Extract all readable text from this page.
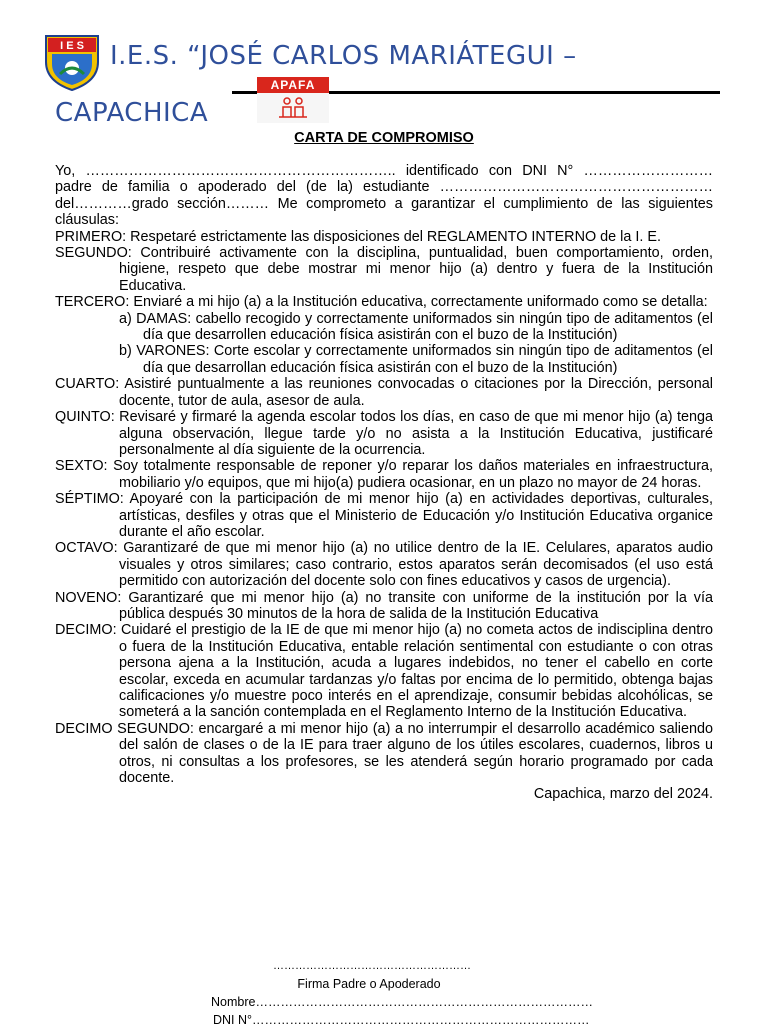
I E S I.E.S. “JOSÉ CARLOS MARIÁTEGUI –
CAPACHICA
APAFA
CARTA DE COMPROMISO

Yo, ……………………………………………………….. identificado con DNI N° ………………………

padre de familia o apoderado del (de la) estudiante …………………………………………………

del…………grado sección……… Me comprometo a garantizar el cumplimiento de las siguientes cláusulas:

PRIMERO: Respetaré estrictamente las disposiciones del REGLAMENTO INTERNO de la I. E.

SEGUNDO: Contribuiré activamente con la disciplina, puntualidad, buen comportamiento, orden, higiene, respeto que debe mostrar mi menor hijo (a) dentro y fuera de la Institución Educativa.

TERCERO: Enviaré a mi hijo (a) a la Institución educativa, correctamente uniformado como se detalla:

a) DAMAS: cabello recogido y correctamente uniformados sin ningún tipo de aditamentos (el día que desarrollen educación física asistirán con el buzo de la Institución)

b) VARONES: Corte escolar y correctamente uniformados sin ningún tipo de aditamentos (el día que desarrollan educación física asistirán con el buzo de la Institución)

CUARTO: Asistiré puntualmente a las reuniones convocadas o citaciones por la Dirección, personal docente, tutor de aula, asesor de aula.

QUINTO: Revisaré y firmaré la agenda escolar todos los días, en caso de que mi menor hijo (a) tenga alguna observación, llegue tarde y/o no asista a la Institución Educativa, justificaré personalmente al día siguiente de la ocurrencia.

SEXTO: Soy totalmente responsable de reponer y/o reparar los daños materiales en infraestructura, mobiliario y/o equipos, que mi hijo(a) pudiera ocasionar, en un plazo no mayor de 24 horas.

SÉPTIMO: Apoyaré con la participación de mi menor hijo (a) en actividades deportivas, culturales, artísticas, desfiles y otras que el Ministerio de Educación y/o Institución Educativa organice durante el año escolar.

OCTAVO: Garantizaré de que mi menor hijo (a) no utilice dentro de la IE. Celulares, aparatos audio visuales y otros similares; caso contrario, estos aparatos serán decomisados (el uso está permitido con autorización del docente solo con fines educativos y casos de urgencia).

NOVENO: Garantizaré que mi menor hijo (a) no transite con uniforme de la institución por la vía pública después 30 minutos de la hora de salida de la Institución Educativa

DECIMO: Cuidaré el prestigio de la IE de que mi menor hijo (a) no cometa actos de indisciplina dentro o fuera de la Institución Educativa, entable relación sentimental con estudiante o con otras persona ajena a la Institución, acuda a lugares indebidos, no tener el cabello en corte escolar, exceda en acumular tardanzas y/o faltas por encima de lo permitido, obtenga bajas calificaciones y/o muestre poco interés en el aprendizaje, consumir bebidas alcohólicas, se someterá a la sanción contemplada en el Reglamento Interno de la Institución Educativa.

DECIMO SEGUNDO: encargaré a mi menor hijo (a) a no interrumpir el desarrollo académico saliendo del salón de clases o de la IE para traer alguno de los útiles escolares, cuadernos, libros u otros, ni consultas a los profesores, se les atenderá según horario programado por cada docente.

Capachica, marzo del 2024.

………………………………………………
Firma Padre o Apoderado
Nombre………………………………………………………………………
DNI N°………………………………………………………………………
